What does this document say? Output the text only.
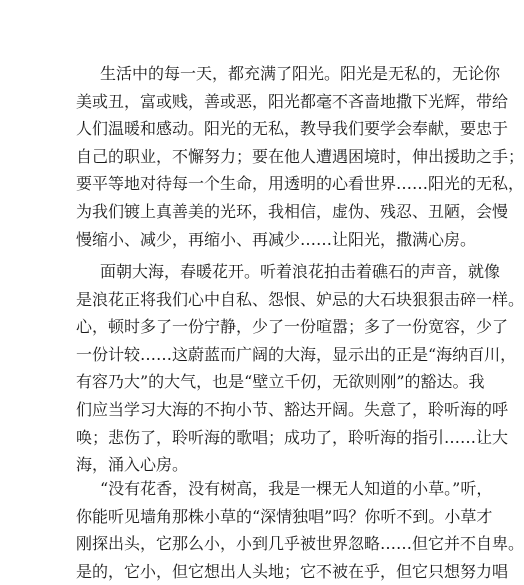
生活中的每一天，都充满了阳光。阳光是无私的，无论你
美或丑，富或贱，善或恶，阳光都毫不吝啬地撒下光辉，带给
人们温暖和感动。阳光的无私，教导我们要学会奉献，要忠于
自己的职业，不懈努力；要在他人遭遇困境时，伸出援助之手；
要平等地对待每一个生命，用透明的心看世界……阳光的无私，
为我们镀上真善美的光环，我相信，虚伪、残忍、丑陋，会慢
慢缩小、减少，再缩小、再减少……让阳光，撒满心房。
面朝大海，春暖花开。听着浪花拍击着礁石的声音，就像
是浪花正将我们心中自私、怨恨、妒忌的大石块狠狠击碎一样。
心，顿时多了一份宁静，少了一份喧嚣；多了一份宽容，少了
一份计较……这蔚蓝而广阔的大海，显示出的正是“海纳百川，
有容乃大”的大气，也是“壁立千仞，无欲则刚”的豁达。我
们应当学习大海的不拘小节、豁达开阔。失意了，聆听海的呼
唤；悲伤了，聆听海的歌唱；成功了，聆听海的指引……让大
海，涌入心房。
“没有花香，没有树高，我是一棵无人知道的小草。”听，
你能听见墙角那株小草的“深情独唱”吗？你听不到。小草才
刚探出头，它那么小，小到几乎被世界忽略……但它并不自卑。
是的，它小，但它想出人头地；它不被在乎，但它只想努力唱
